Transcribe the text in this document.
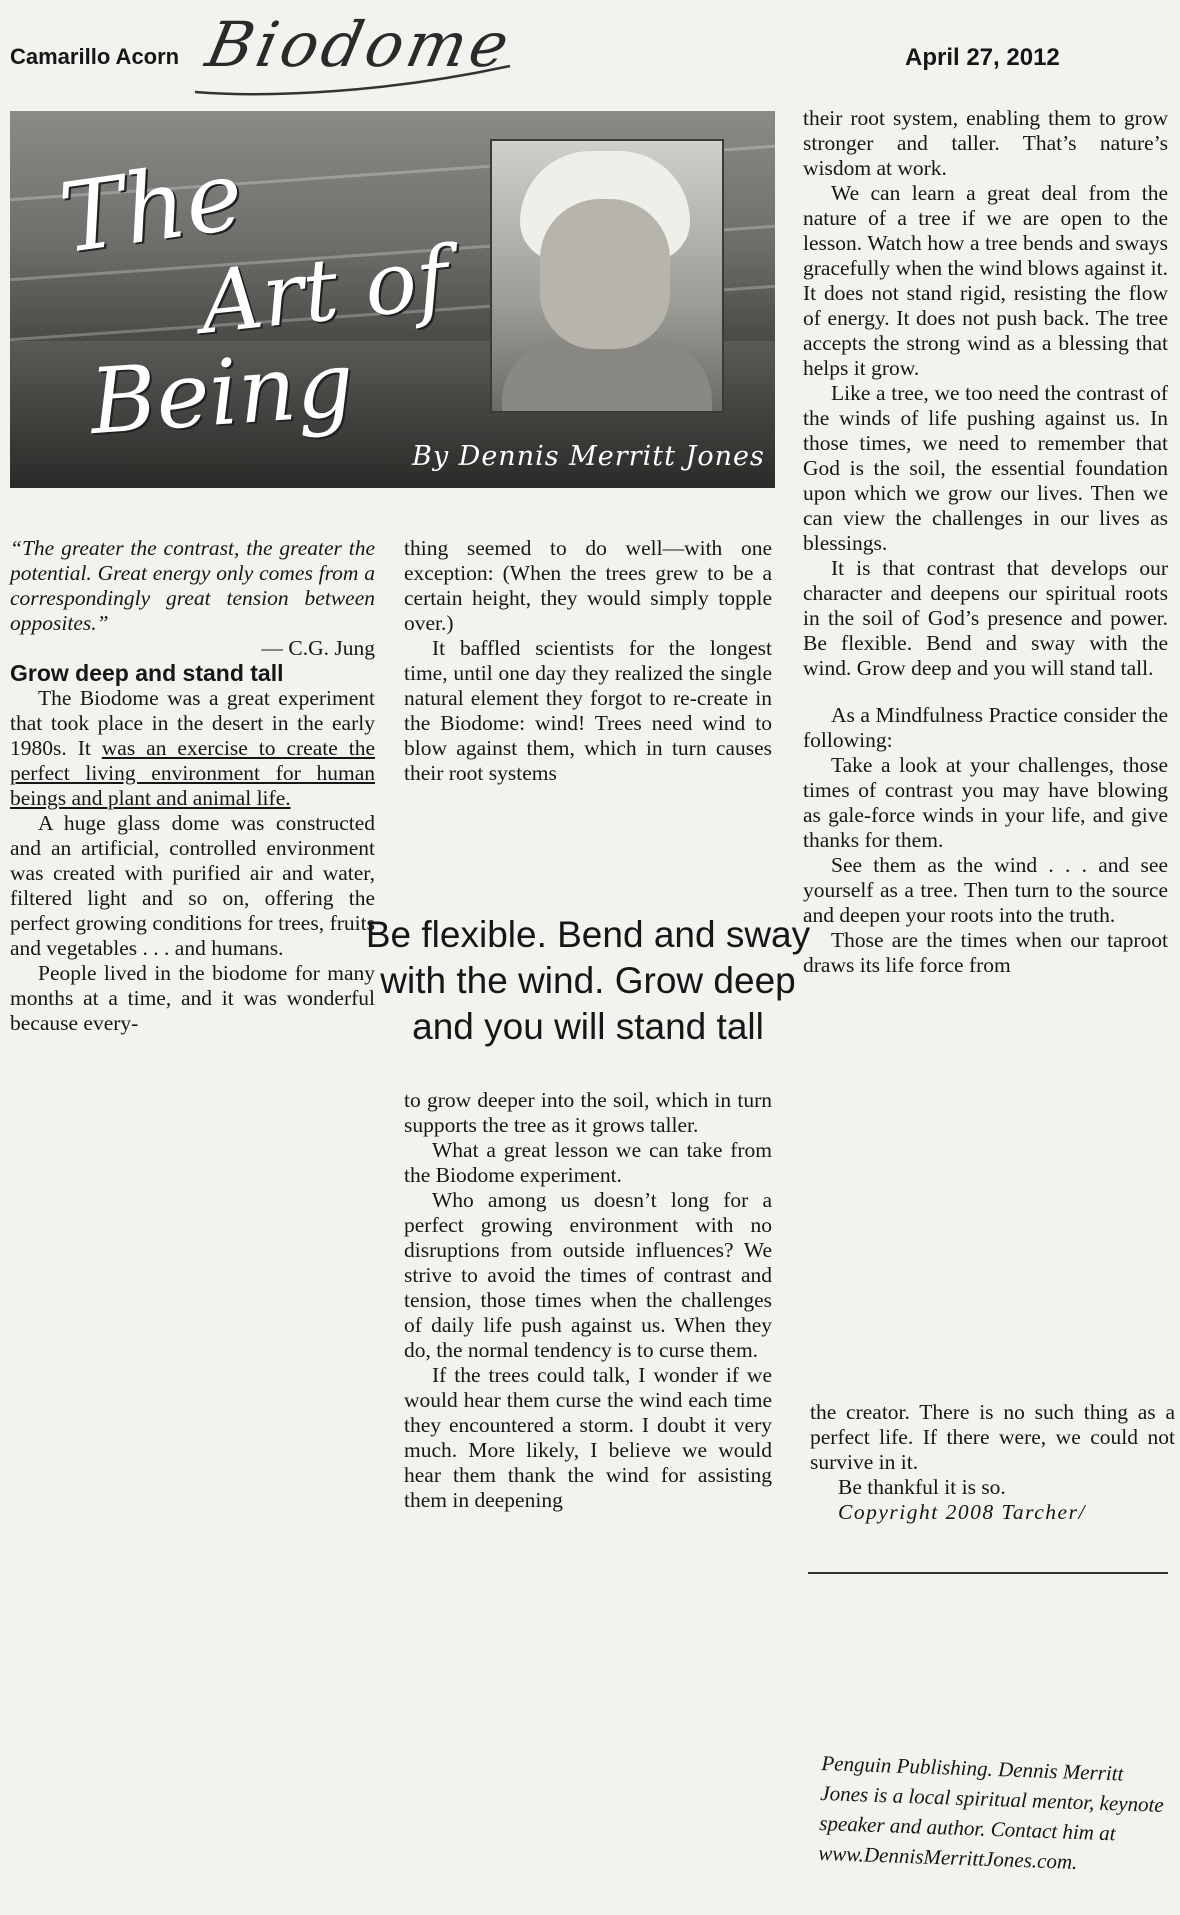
Camarillo Acorn Biodome	April 27, 2012
The
Art of
Being
By Dennis Merritt Jones

“The greater the contrast, the greater the potential. Great energy only comes from a correspondingly great tension between opposites.”

— C.G. Jung

Grow deep and stand tall

The Biodome was a great experiment that took place in the desert in the early 1980s. It was an exercise to create the perfect living environment for human beings and plant and animal life.

A huge glass dome was constructed and an artificial, controlled environment was created with purified air and water, filtered light and so on, offering the perfect growing conditions for trees, fruits and vegetables . . . and humans.

People lived in the biodome for many months at a time, and it was wonderful because every-

thing seemed to do well—with one exception: (When the trees grew to be a certain height, they would simply topple over.)

It baffled scientists for the longest time, until one day they realized the single natural element they forgot to re-create in the Biodome: wind! Trees need wind to blow against them, which in turn causes their root systems

Be flexible. Bend and sway with the wind. Grow deep and you will stand tall

to grow deeper into the soil, which in turn supports the tree as it grows taller.

What a great lesson we can take from the Biodome experiment.

Who among us doesn’t long for a perfect growing environment with no disruptions from outside influences? We strive to avoid the times of contrast and tension, those times when the challenges of daily life push against us. When they do, the normal tendency is to curse them.

If the trees could talk, I wonder if we would hear them curse the wind each time they encountered a storm. I doubt it very much. More likely, I believe we would hear them thank the wind for assisting them in deepening

their root system, enabling them to grow stronger and taller. That’s nature’s wisdom at work.

We can learn a great deal from the nature of a tree if we are open to the lesson. Watch how a tree bends and sways gracefully when the wind blows against it. It does not stand rigid, resisting the flow of energy. It does not push back. The tree accepts the strong wind as a blessing that helps it grow.

Like a tree, we too need the contrast of the winds of life pushing against us. In those times, we need to remember that God is the soil, the essential foundation upon which we grow our lives. Then we can view the challenges in our lives as blessings.

It is that contrast that develops our character and deepens our spiritual roots in the soil of God’s presence and power. Be flexible. Bend and sway with the wind. Grow deep and you will stand tall.

As a Mindfulness Practice consider the following:

Take a look at your challenges, those times of contrast you may have blowing as gale-force winds in your life, and give thanks for them.

See them as the wind . . . and see yourself as a tree. Then turn to the source and deepen your roots into the truth.

Those are the times when our taproot draws its life force from

the creator. There is no such thing as a perfect life. If there were, we could not survive in it.

Be thankful it is so.

Copyright 2008 Tarcher/

Penguin Publishing. Dennis Merritt Jones is a local spiritual mentor, keynote speaker and author. Contact him at www.DennisMerrittJones.com.
